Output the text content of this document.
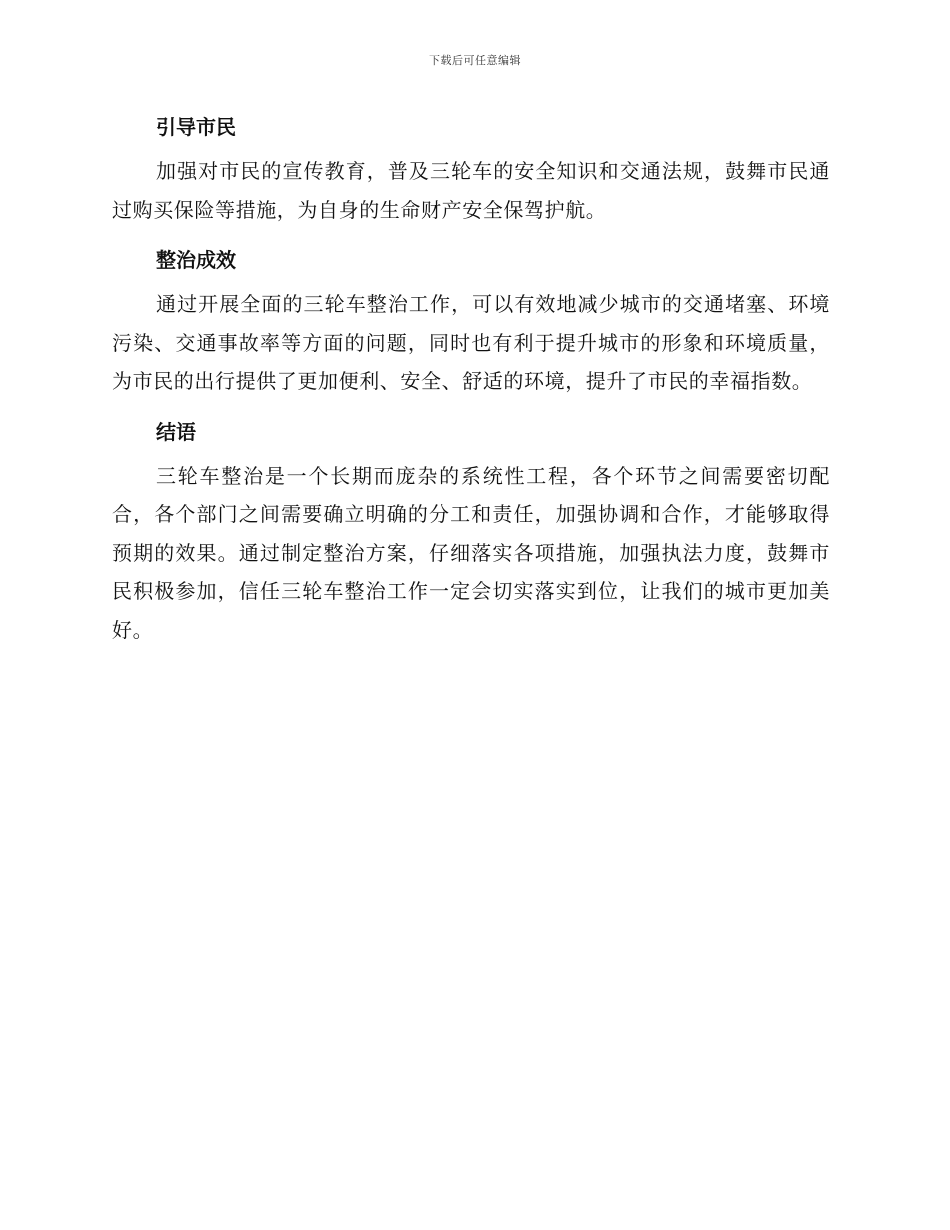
下载后可任意编辑
引导市民

加强对市民的宣传教育，普及三轮车的安全知识和交通法规，鼓舞市民通过购买保险等措施，为自身的生命财产安全保驾护航。

整治成效

通过开展全面的三轮车整治工作，可以有效地减少城市的交通堵塞、环境污染、交通事故率等方面的问题，同时也有利于提升城市的形象和环境质量，为市民的出行提供了更加便利、安全、舒适的环境，提升了市民的幸福指数。

结语

三轮车整治是一个长期而庞杂的系统性工程，各个环节之间需要密切配合，各个部门之间需要确立明确的分工和责任，加强协调和合作，才能够取得预期的效果。通过制定整治方案，仔细落实各项措施，加强执法力度，鼓舞市民积极参加，信任三轮车整治工作一定会切实落实到位，让我们的城市更加美好。
